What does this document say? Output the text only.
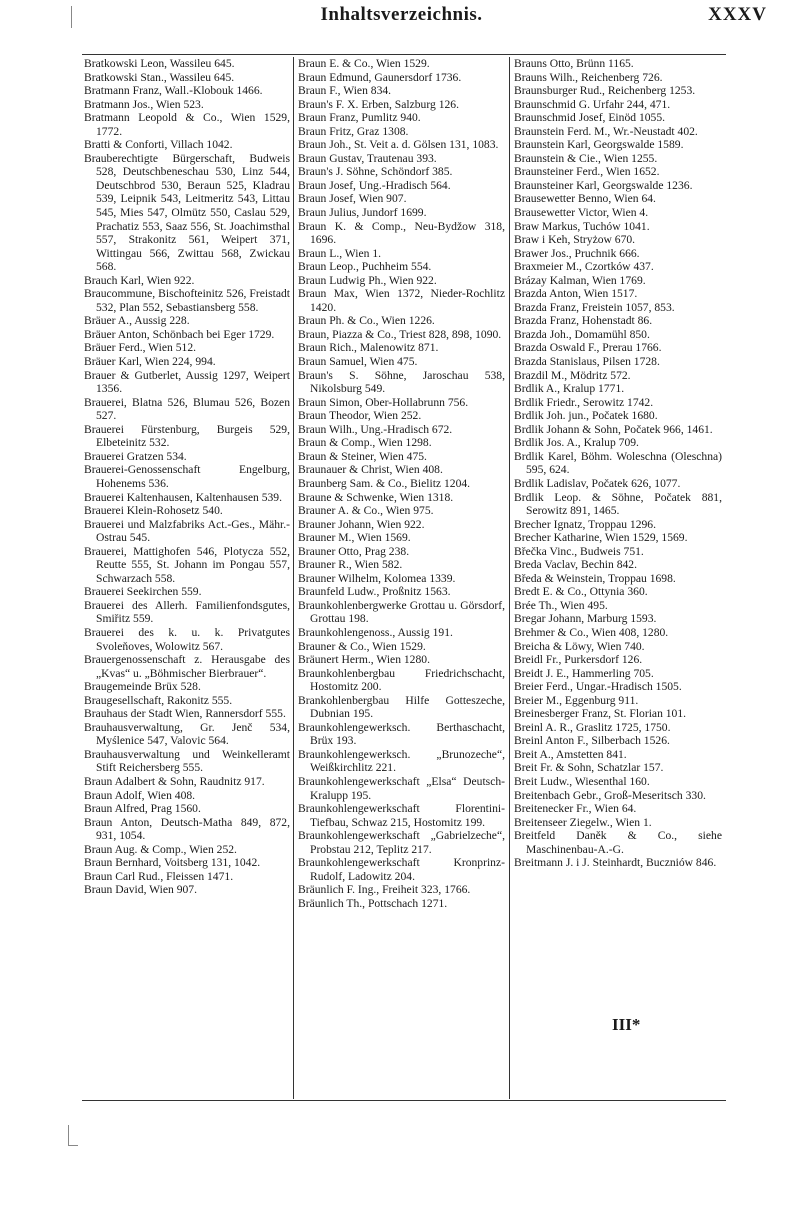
Inhaltsverzeichnis.	XXXV
Bratkowski Leon, Wassileu 645.
Bratkowski Stan., Wassileu 645.
Bratmann Franz, Wall.-Klobouk 1466.
Bratmann Jos., Wien 523.
Bratmann Leopold & Co., Wien 1529, 1772.
Bratti & Conforti, Villach 1042.
Brauberechtigte Bürgerschaft, Budweis 528, Deutschbeneschau 530, Linz 544, Deutschbrod 530, Beraun 525, Kladrau 539, Leipnik 543, Leitmeritz 543, Littau 545, Mies 547, Olmütz 550, Caslau 529, Prachatiz 553, Saaz 556, St. Joachimsthal 557, Strakonitz 561, Weipert 371, Wittingau 566, Zwittau 568, Zwickau 568.
Brauch Karl, Wien 922.
Braucommune, Bischofteinitz 526, Freistadt 532, Plan 552, Sebastiansberg 558.
Bräuer A., Aussig 228.
Bräuer Anton, Schönbach bei Eger 1729.
Bräuer Ferd., Wien 512.
Bräuer Karl, Wien 224, 994.
Brauer & Gutberlet, Aussig 1297, Weipert 1356.
Brauerei, Blatna 526, Blumau 526, Bozen 527.
Brauerei Fürstenburg, Burgeis 529, Elbeteinitz 532.
Brauerei Gratzen 534.
Brauerei-Genossenschaft Engelburg, Hohenems 536.
Brauerei Kaltenhausen, Kaltenhausen 539.
Brauerei Klein-Rohosetz 540.
Brauerei und Malzfabriks Act.-Ges., Mähr.-Ostrau 545.
Brauerei, Mattighofen 546, Plotycza 552, Reutte 555, St. Johann im Pongau 557, Schwarzach 558.
Brauerei Seekirchen 559.
Brauerei des Allerh. Familienfondsgutes, Smiřitz 559.
Brauerei des k. u. k. Privatgutes Svoleňoves, Wolowitz 567.
Brauergenossenschaft z. Herausgabe des „Kvas“ u. „Böhmischer Bierbrauer“.
Braugemeinde Brüx 528.
Braugesellschaft, Rakonitz 555.
Brauhaus der Stadt Wien, Rannersdorf 555.
Brauhausverwaltung, Gr. Jenč 534, Myślenice 547, Valovic 564.
Brauhausverwaltung und Weinkelleramt Stift Reichersberg 555.
Braun Adalbert & Sohn, Raudnitz 917.
Braun Adolf, Wien 408.
Braun Alfred, Prag 1560.
Braun Anton, Deutsch-Matha 849, 872, 931, 1054.
Braun Aug. & Comp., Wien 252.
Braun Bernhard, Voitsberg 131, 1042.
Braun Carl Rud., Fleissen 1471.
Braun David, Wien 907.
Braun E. & Co., Wien 1529.
Braun Edmund, Gaunersdorf 1736.
Braun F., Wien 834.
Braun's F. X. Erben, Salzburg 126.
Braun Franz, Pumlitz 940.
Braun Fritz, Graz 1308.
Braun Joh., St. Veit a. d. Gölsen 131, 1083.
Braun Gustav, Trautenau 393.
Braun's J. Söhne, Schöndorf 385.
Braun Josef, Ung.-Hradisch 564.
Braun Josef, Wien 907.
Braun Julius, Jundorf 1699.
Braun K. & Comp., Neu-Bydžow 318, 1696.
Braun L., Wien 1.
Braun Leop., Puchheim 554.
Braun Ludwig Ph., Wien 922.
Braun Max, Wien 1372, Nieder-Rochlitz 1420.
Braun Ph. & Co., Wien 1226.
Braun, Piazza & Co., Triest 828, 898, 1090.
Braun Rich., Malenowitz 871.
Braun Samuel, Wien 475.
Braun's S. Söhne, Jaroschau 538, Nikolsburg 549.
Braun Simon, Ober-Hollabrunn 756.
Braun Theodor, Wien 252.
Braun Wilh., Ung.-Hradisch 672.
Braun & Comp., Wien 1298.
Braun & Steiner, Wien 475.
Braunauer & Christ, Wien 408.
Braunberg Sam. & Co., Bielitz 1204.
Braune & Schwenke, Wien 1318.
Brauner A. & Co., Wien 975.
Brauner Johann, Wien 922.
Brauner M., Wien 1569.
Brauner Otto, Prag 238.
Brauner R., Wien 582.
Brauner Wilhelm, Kolomea 1339.
Braunfeld Ludw., Proßnitz 1563.
Braunkohlenbergwerke Grottau u. Görsdorf, Grottau 198.
Braunkohlengenoss., Aussig 191.
Brauner & Co., Wien 1529.
Bräunert Herm., Wien 1280.
Braunkohlenbergbau Friedrichschacht, Hostomitz 200.
Brankohlenbergbau Hilfe Gotteszeche, Dubnian 195.
Braunkohlengewerksch. Berthaschacht, Brüx 193.
Braunkohlengewerksch. „Brunozeche“, Weißkirchlitz 221.
Braunkohlengewerkschaft „Elsa“ Deutsch-Kralupp 195.
Braunkohlengewerkschaft Florentini-Tiefbau, Schwaz 215, Hostomitz 199.
Braunkohlengewerkschaft „Gabrielzeche“, Probstau 212, Teplitz 217.
Braunkohlengewerkschaft Kronprinz-Rudolf, Ladowitz 204.
Bräunlich F. Ing., Freiheit 323, 1766.
Bräunlich Th., Pottschach 1271.
Brauns Otto, Brünn 1165.
Brauns Wilh., Reichenberg 726.
Braunsburger Rud., Reichenberg 1253.
Braunschmid G. Urfahr 244, 471.
Braunschmid Josef, Einöd 1055.
Braunstein Ferd. M., Wr.-Neustadt 402.
Braunstein Karl, Georgswalde 1589.
Braunstein & Cie., Wien 1255.
Braunsteiner Ferd., Wien 1652.
Braunsteiner Karl, Georgswalde 1236.
Brausewetter Benno, Wien 64.
Brausewetter Victor, Wien 4.
Braw Markus, Tuchów 1041.
Braw i Keh, Stryżow 670.
Brawer Jos., Pruchnik 666.
Braxmeier M., Czortków 437.
Brázay Kalman, Wien 1769.
Brazda Anton, Wien 1517.
Brazda Franz, Freistein 1057, 853.
Brazda Franz, Hohenstadt 86.
Brazda Joh., Domamühl 850.
Brazda Oswald F., Prerau 1766.
Brazda Stanislaus, Pilsen 1728.
Brazdil M., Mödritz 572.
Brdlik A., Kralup 1771.
Brdlik Friedr., Serowitz 1742.
Brdlik Joh. jun., Počatek 1680.
Brdlik Johann & Sohn, Počatek 966, 1461.
Brdlik Jos. A., Kralup 709.
Brdlik Karel, Böhm. Woleschna (Oleschna) 595, 624.
Brdlik Ladislav, Počatek 626, 1077.
Brdlik Leop. & Söhne, Počatek 881, Serowitz 891, 1465.
Brecher Ignatz, Troppau 1296.
Brecher Katharine, Wien 1529, 1569.
Břečka Vinc., Budweis 751.
Breda Vaclav, Bechin 842.
Bředa & Weinstein, Troppau 1698.
Bredt E. & Co., Ottynia 360.
Brée Th., Wien 495.
Bregar Johann, Marburg 1593.
Brehmer & Co., Wien 408, 1280.
Breicha & Löwy, Wien 740.
Breidl Fr., Purkersdorf 126.
Breidt J. E., Hammerling 705.
Breier Ferd., Ungar.-Hradisch 1505.
Breier M., Eggenburg 911.
Breinesberger Franz, St. Florian 101.
Breinl A. R., Graslitz 1725, 1750.
Breinl Anton F., Silberbach 1526.
Breit A., Amstetten 841.
Breit Fr. & Sohn, Schatzlar 157.
Breit Ludw., Wiesenthal 160.
Breitenbach Gebr., Groß-Meseritsch 330.
Breitenecker Fr., Wien 64.
Breitenseer Ziegelw., Wien 1.
Breitfeld Daněk & Co., siehe Maschinenbau-A.-G.
Breitmann J. i J. Steinhardt, Buczniów 846.
III*
